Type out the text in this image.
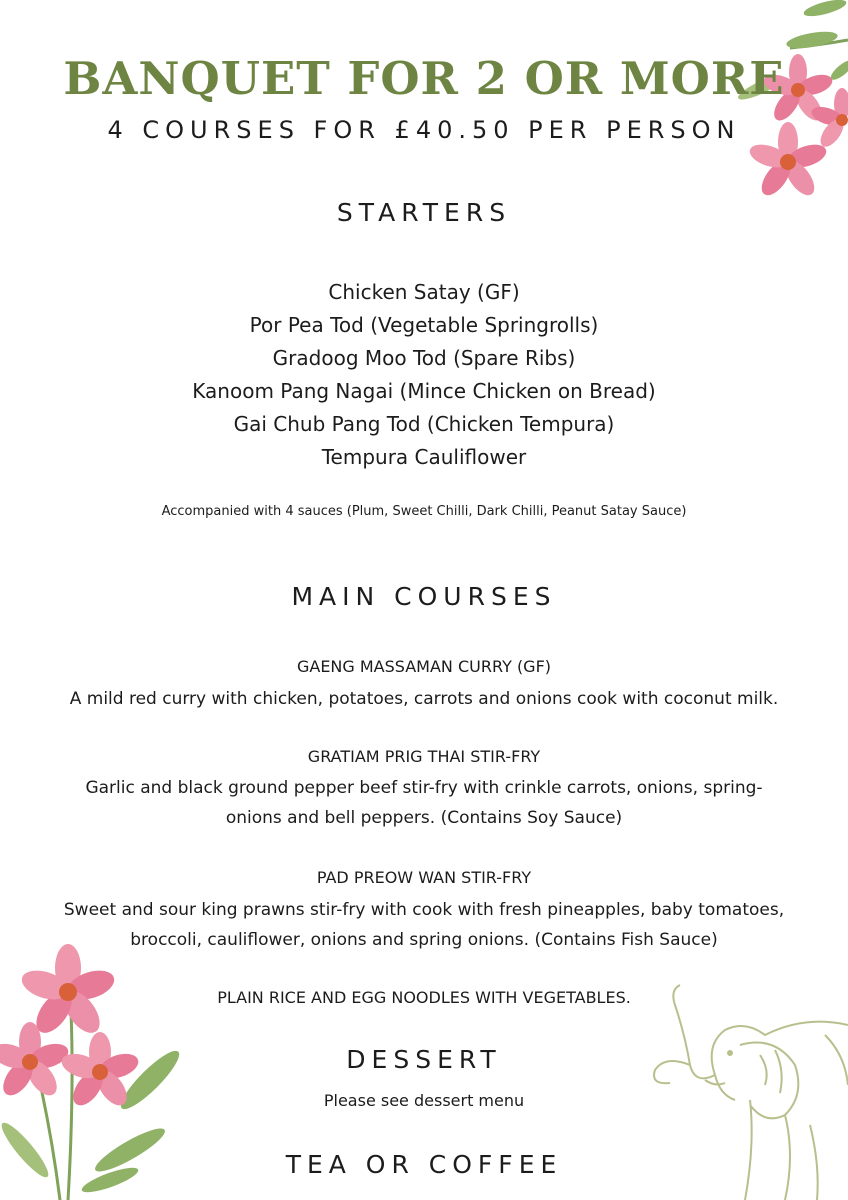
BANQUET FOR 2 OR MORE
4 COURSES FOR £40.50 PER PERSON
STARTERS
Chicken Satay (GF)
Por Pea Tod (Vegetable Springrolls)
Gradoog Moo Tod (Spare Ribs)
Kanoom Pang Nagai (Mince Chicken on Bread)
Gai Chub Pang Tod (Chicken Tempura)
Tempura Cauliflower
Accompanied with 4 sauces (Plum, Sweet Chilli, Dark Chilli, Peanut Satay Sauce)
MAIN COURSES
GAENG MASSAMAN CURRY (GF)
A mild red curry with chicken, potatoes, carrots and onions cook with coconut milk.
GRATIAM PRIG THAI STIR-FRY
Garlic and black ground pepper beef stir-fry with crinkle carrots, onions, spring-
onions and bell peppers. (Contains Soy Sauce)
PAD PREOW WAN STIR-FRY
Sweet and sour king prawns stir-fry with cook with fresh pineapples, baby tomatoes,
broccoli, cauliflower, onions and spring onions. (Contains Fish Sauce)
PLAIN RICE AND EGG NOODLES WITH VEGETABLES.
DESSERT
Please see dessert menu
TEA OR COFFEE
